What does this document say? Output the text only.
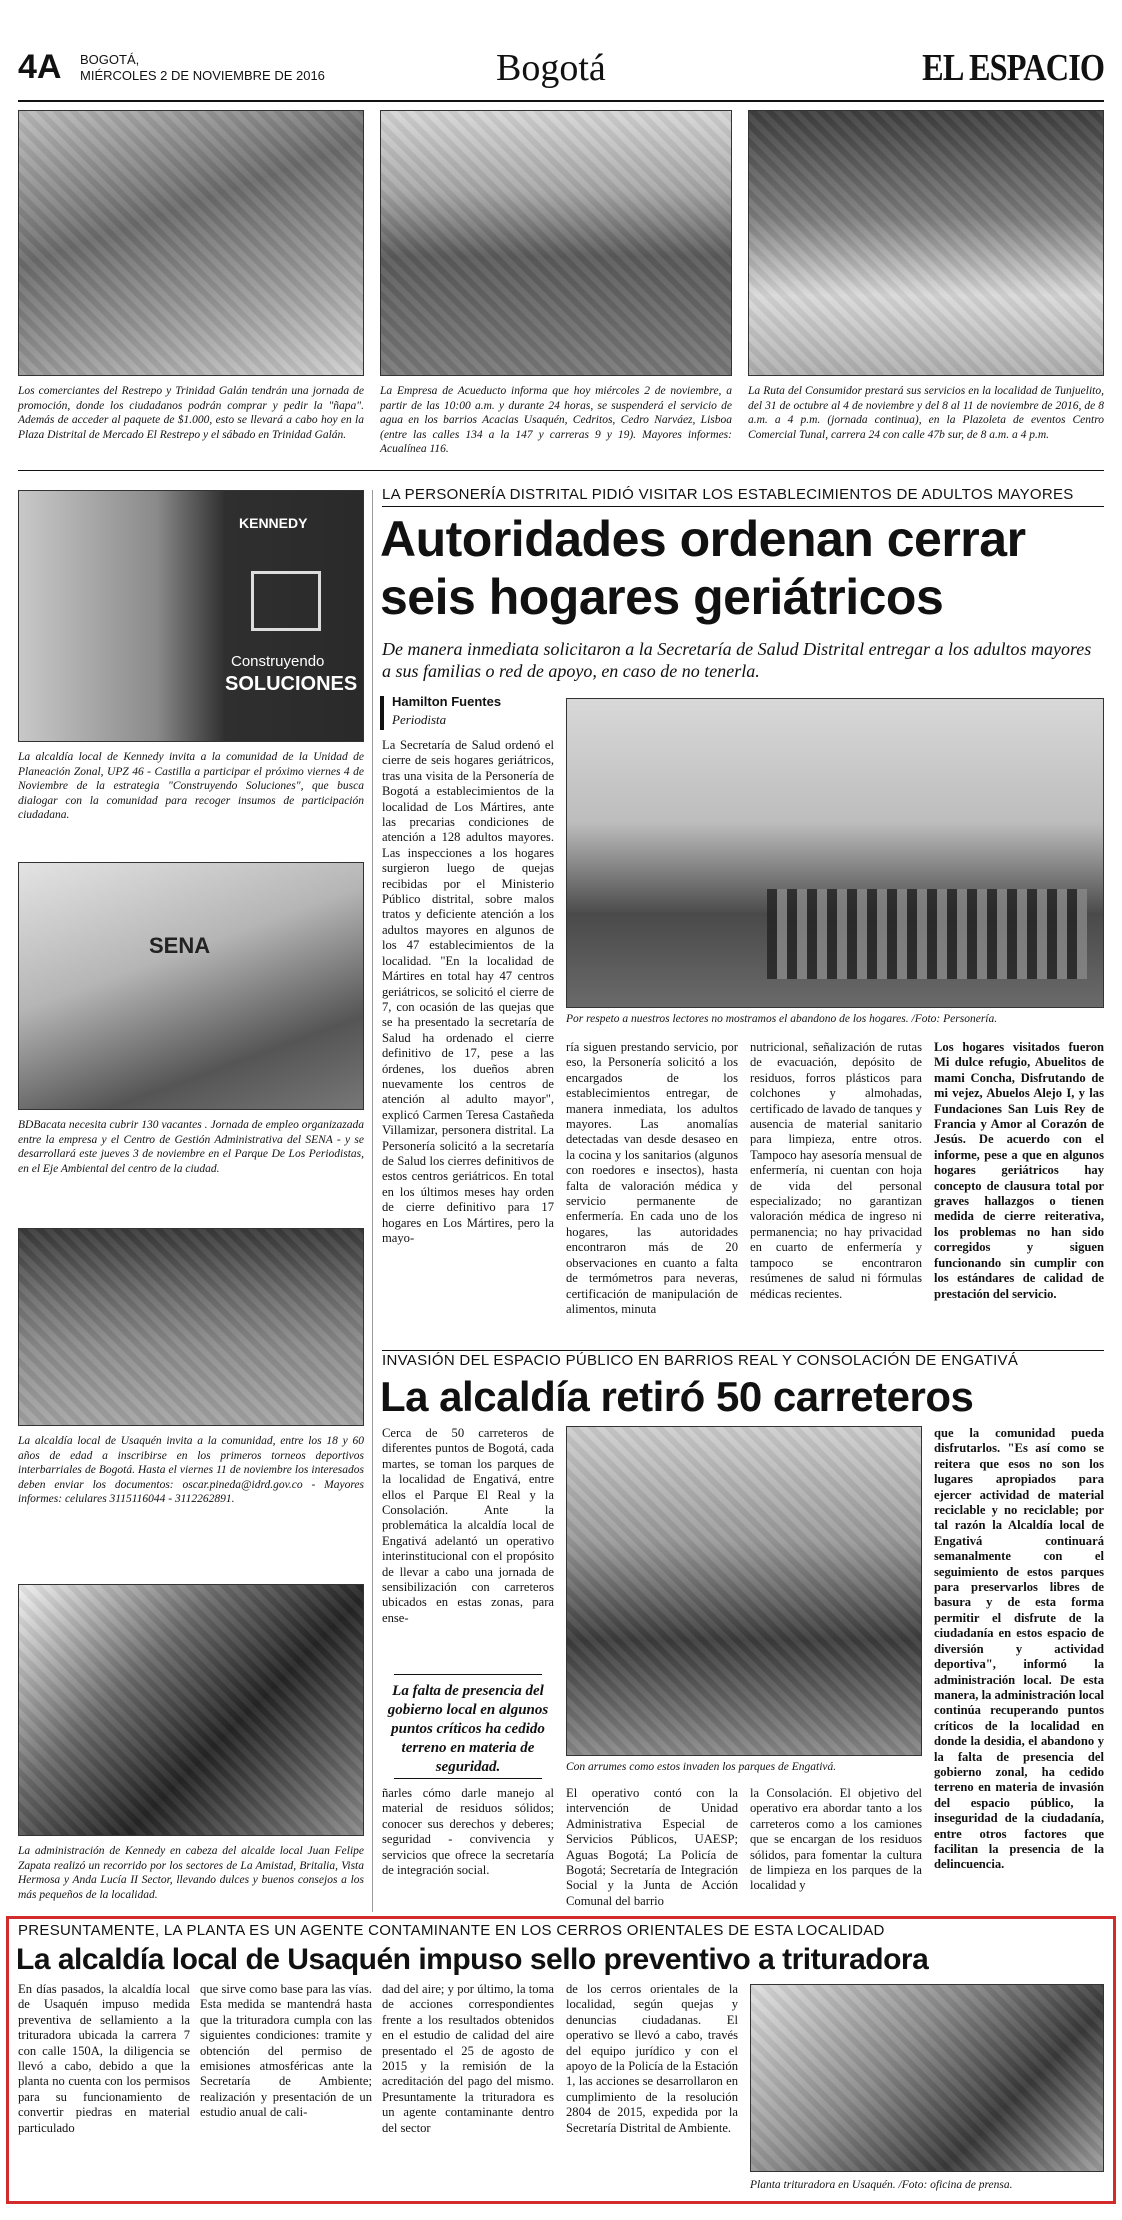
4A BOGOTÁ,
MIÉRCOLES 2 DE NOVIEMBRE DE 2016	Bogotá	EL ESPACIO
Los comerciantes del Restrepo y Trinidad Galán tendrán una jornada de promoción, donde los ciudadanos podrán comprar y pedir la "ñapa". Además de acceder al paquete de $1.000, esto se llevará a cabo hoy en la Plaza Distrital de Mercado El Restrepo y el sábado en Trinidad Galán.
La Empresa de Acueducto informa que hoy miércoles 2 de noviembre, a partir de las 10:00 a.m. y durante 24 horas, se suspenderá el servicio de agua en los barrios Acacias Usaquén, Cedritos, Cedro Narváez, Lisboa (entre las calles 134 a la 147 y carreras 9 y 19). Mayores informes: Acualínea 116.
La Ruta del Consumidor prestará sus servicios en la localidad de Tunjuelito, del 31 de octubre al 4 de noviembre y del 8 al 11 de noviembre de 2016, de 8 a.m. a 4 p.m. (jornada continua), en la Plazoleta de eventos Centro Comercial Tunal, carrera 24 con calle 47b sur, de 8 a.m. a 4 p.m.
KENNEDY
Construyendo
SOLUCIONES
La alcaldía local de Kennedy invita a la comunidad de la Unidad de Planeación Zonal, UPZ 46 - Castilla a participar el próximo viernes 4 de Noviembre de la estrategia "Construyendo Soluciones", que busca dialogar con la comunidad para recoger insumos de participación ciudadana.
SENA
BDBacata necesita cubrir 130 vacantes . Jornada de empleo organizazada entre la empresa y el Centro de Gestión Administrativa del SENA - y se desarrollará este jueves 3 de noviembre en el Parque De Los Periodistas, en el Eje Ambiental del centro de la ciudad.
La alcaldía local de Usaquén invita a la comunidad, entre los 18 y 60 años de edad a inscribirse en los primeros torneos deportivos interbarriales de Bogotá. Hasta el viernes 11 de noviembre los interesados deben enviar los documentos: oscar.pineda@idrd.gov.co - Mayores informes: celulares 3115116044 - 3112262891.
La administración de Kennedy en cabeza del alcalde local Juan Felipe Zapata realizó un recorrido por los sectores de La Amistad, Britalia, Vista Hermosa y Anda Lucía II Sector, llevando dulces y buenos consejos a los más pequeños de la localidad.
LA PERSONERÍA DISTRITAL PIDIÓ VISITAR LOS ESTABLECIMIENTOS DE ADULTOS MAYORES
Autoridades ordenan cerrar
seis hogares geriátricos
De manera inmediata solicitaron a la Secretaría de Salud Distrital entregar a los adultos mayores a sus familias o red de apoyo, en caso de no tenerla.
Hamilton Fuentes
Periodista
La Secretaría de Salud ordenó el cierre de seis hogares geriátricos, tras una visita de la Personería de Bogotá a establecimientos de la localidad de Los Mártires, ante las precarias condiciones de atención a 128 adultos mayores. Las inspecciones a los hogares surgieron luego de quejas recibidas por el Ministerio Público distrital, sobre malos tratos y deficiente atención a los adultos mayores en algunos de los 47 establecimientos de la localidad. "En la localidad de Mártires en total hay 47 centros geriátricos, se solicitó el cierre de 7, con ocasión de las quejas que se ha presentado la secretaría de Salud ha ordenado el cierre definitivo de 17, pese a las órdenes, los dueños abren nuevamente los centros de atención al adulto mayor", explicó Carmen Teresa Castañeda Villamizar, personera distrital. La Personería solicitó a la secretaría de Salud los cierres definitivos de estos centros geriátricos. En total en los últimos meses hay orden de cierre definitivo para 17 hogares en Los Mártires, pero la mayo-
Por respeto a nuestros lectores no mostramos el abandono de los hogares. /Foto: Personería.
ría siguen prestando servicio, por eso, la Personería solicitó a los encargados de los establecimientos entregar, de manera inmediata, los adultos mayores. Las anomalías detectadas van desde desaseo en la cocina y los sanitarios (algunos con roedores e insectos), hasta falta de valoración médica y servicio permanente de enfermería. En cada uno de los hogares, las autoridades encontraron más de 20 observaciones en cuanto a falta de termómetros para neveras, certificación de manipulación de alimentos, minuta
nutricional, señalización de rutas de evacuación, depósito de residuos, forros plásticos para colchones y almohadas, certificado de lavado de tanques y ausencia de material sanitario para limpieza, entre otros. Tampoco hay asesoría mensual de enfermería, ni cuentan con hoja de vida del personal especializado; no garantizan valoración médica de ingreso ni permanencia; no hay privacidad en cuarto de enfermería y tampoco se encontraron resúmenes de salud ni fórmulas médicas recientes.
Los hogares visitados fueron Mi dulce refugio, Abuelitos de mami Concha, Disfrutando de mi vejez, Abuelos Alejo I, y las Fundaciones San Luis Rey de Francia y Amor al Corazón de Jesús. De acuerdo con el informe, pese a que en algunos hogares geriátricos hay concepto de clausura total por graves hallazgos o tienen medida de cierre reiterativa, los problemas no han sido corregidos y siguen funcionando sin cumplir con los estándares de calidad de prestación del servicio.
INVASIÓN DEL ESPACIO PÚBLICO EN BARRIOS REAL Y CONSOLACIÓN DE ENGATIVÁ
La alcaldía retiró 50 carreteros
Cerca de 50 carreteros de diferentes puntos de Bogotá, cada martes, se toman los parques de la localidad de Engativá, entre ellos el Parque El Real y la Consolación. Ante la problemática la alcaldía local de Engativá adelantó un operativo interinstitucional con el propósito de llevar a cabo una jornada de sensibilización con carreteros ubicados en estas zonas, para ense-
La falta de presencia del gobierno local en algunos puntos críticos ha cedido terreno en materia de seguridad.
ñarles cómo darle manejo al material de residuos sólidos; conocer sus derechos y deberes; seguridad - convivencia y servicios que ofrece la secretaría de integración social.
Con arrumes como estos invaden los parques de Engativá.
El operativo contó con la intervención de Unidad Administrativa Especial de Servicios Públicos, UAESP; Aguas Bogotá; La Policía de Bogotá; Secretaría de Integración Social y la Junta de Acción Comunal del barrio
la Consolación. El objetivo del operativo era abordar tanto a los carreteros como a los camiones que se encargan de los residuos sólidos, para fomentar la cultura de limpieza en los parques de la localidad y
que la comunidad pueda disfrutarlos. "Es así como se reitera que esos no son los lugares apropiados para ejercer actividad de material reciclable y no reciclable; por tal razón la Alcaldía local de Engativá continuará semanalmente con el seguimiento de estos parques para preservarlos libres de basura y de esta forma permitir el disfrute de la ciudadanía en estos espacio de diversión y actividad deportiva", informó la administración local. De esta manera, la administración local continúa recuperando puntos críticos de la localidad en donde la desidia, el abandono y la falta de presencia del gobierno zonal, ha cedido terreno en materia de invasión del espacio público, la inseguridad de la ciudadanía, entre otros factores que facilitan la presencia de la delincuencia.
PRESUNTAMENTE, LA PLANTA ES UN AGENTE CONTAMINANTE EN LOS CERROS ORIENTALES DE ESTA LOCALIDAD
La alcaldía local de Usaquén impuso sello preventivo a trituradora
En días pasados, la alcaldía local de Usaquén impuso medida preventiva de sellamiento a la trituradora ubicada la carrera 7 con calle 150A, la diligencia se llevó a cabo, debido a que la planta no cuenta con los permisos para su funcionamiento de convertir piedras en material particulado
que sirve como base para las vías. Esta medida se mantendrá hasta que la trituradora cumpla con las siguientes condiciones: tramite y obtención del permiso de emisiones atmosféricas ante la Secretaría de Ambiente; realización y presentación de un estudio anual de cali-
dad del aire; y por último, la toma de acciones correspondientes frente a los resultados obtenidos en el estudio de calidad del aire presentado el 25 de agosto de 2015 y la remisión de la acreditación del pago del mismo. Presuntamente la trituradora es un agente contaminante dentro del sector
de los cerros orientales de la localidad, según quejas y denuncias ciudadanas. El operativo se llevó a cabo, través del equipo jurídico y con el apoyo de la Policía de la Estación 1, las acciones se desarrollaron en cumplimiento de la resolución 2804 de 2015, expedida por la Secretaría Distrital de Ambiente.
Planta trituradora en Usaquén. /Foto: oficina de prensa.
